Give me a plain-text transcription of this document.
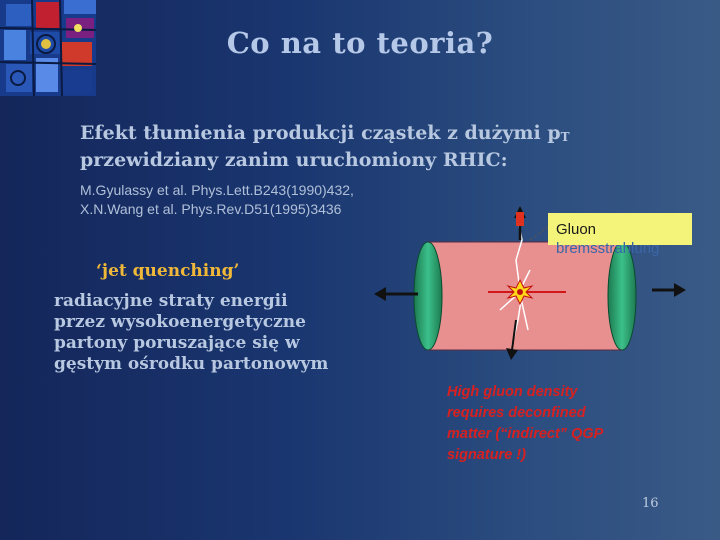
Co na to teoria?
Efekt tłumienia produkcji cząstek z dużymi $p_T$
przewidziany zanim uruchomiony RHIC:
M.Gyulassy et al. Phys.Lett.B243(1990)432,
X.N.Wang et al. Phys.Rev.D51(1995)3436
‘jet quenching’
radiacyjne straty energii
przez wysokoenergetyczne
partony poruszające się w
gęstym ośrodku partonowym
Gluon
bremsstrahlung
High gluon density
requires deconfined
matter (“indirect” QGP
signature !)
16
